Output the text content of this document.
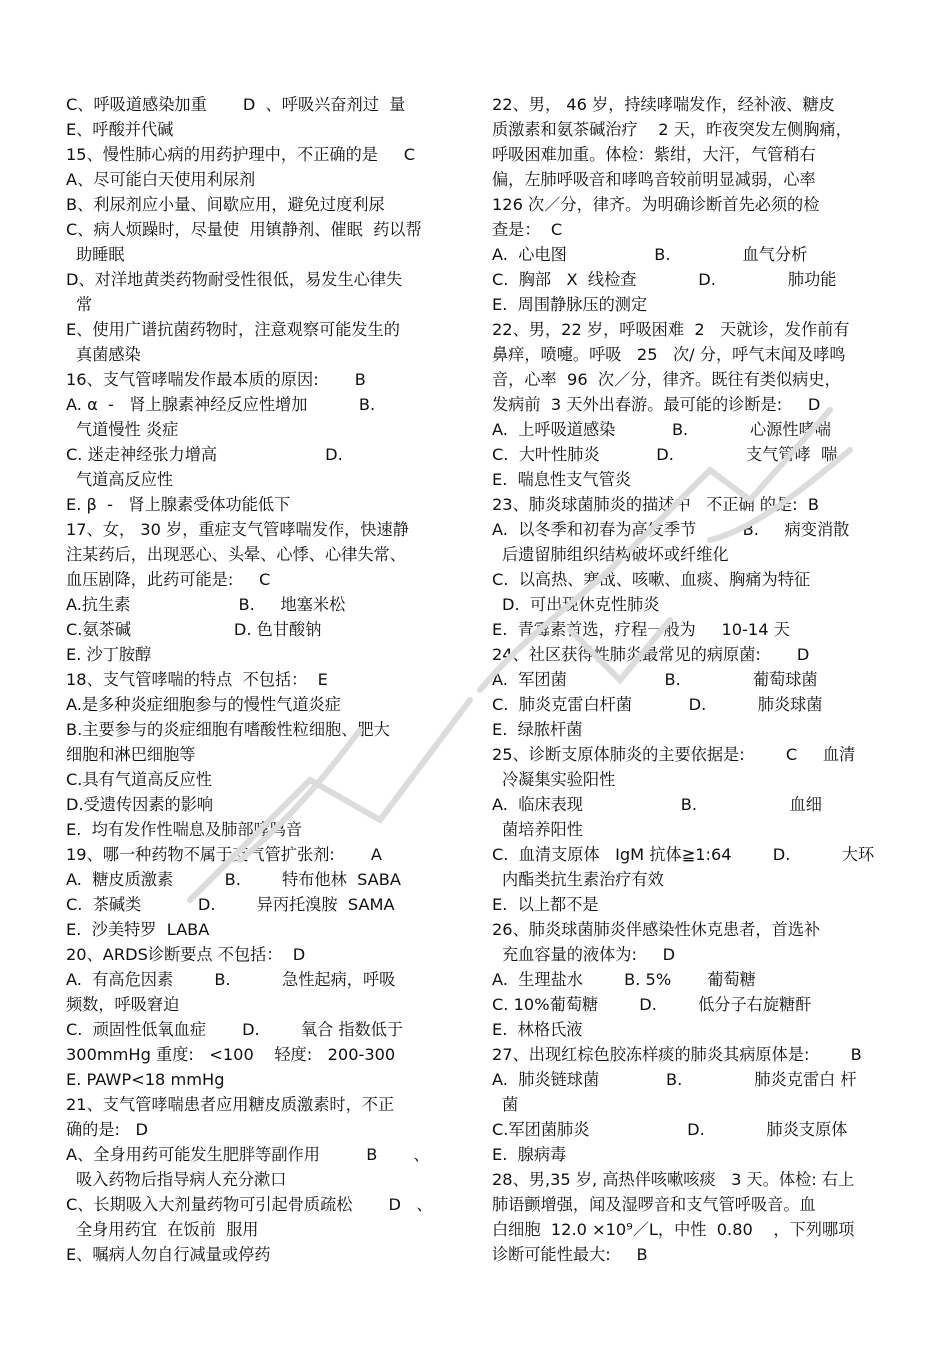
C、呼吸道感染加重       D  、呼吸兴奋剂过  量
E、呼酸并代碱
15、慢性肺心病的用药护理中，不正确的是     C
A、尽可能白天使用利尿剂
B、利尿剂应小量、间歇应用，避免过度利尿
C、病人烦躁时，尽量使  用镇静剂、催眠  药以帮
助睡眠
D、对洋地黄类药物耐受性很低，易发生心律失
常
E、使用广谱抗菌药物时，注意观察可能发生的
真菌感染
16、支气管哮喘发作最本质的原因:       B
A. α  -   肾上腺素神经反应性增加          B.
气道慢性 炎症
C. 迷走神经张力增高                     D.
气道高反应性
E. β  -   肾上腺素受体功能低下
17、女， 30 岁，重症支气管哮喘发作，快速静
注某药后，出现恶心、头晕、心悸、心律失常、
血压剧降，此药可能是:     C
A.抗生素                     B.     地塞米松
C.氨茶碱                    D. 色甘酸钠
E. 沙丁胺醇
18、支气管哮喘的特点  不包括：  E
A.是多种炎症细胞参与的慢性气道炎症
B.主要参与的炎症细胞有嗜酸性粒细胞、肥大
细胞和淋巴细胞等
C.具有气道高反应性
D.受遗传因素的影响
E.  均有发作性喘息及肺部哮鸣音
19、哪一种药物不属于支气管扩张剂:       A
A.  糖皮质激素          B.        特布他林  SABA
C.  茶碱类           D.        异丙托溴胺  SAMA
E.  沙美特罗  LABA
20、ARDS诊断要点 不包括：  D
A.  有高危因素        B.          急性起病，呼吸
频数，呼吸窘迫
C.  顽固性低氧血症       D.        氧合 指数低于
300mmHg 重度:   <100    轻度:   200-300
E. PAWP<18 mmHg
21、支气管哮喘患者应用糖皮质激素时，不正
确的是:   D
A、全身用药可能发生肥胖等副作用         B       、
吸入药物后指导病人充分漱口
C、长期吸入大剂量药物可引起骨质疏松       D   、
全身用药宜  在饭前  服用
E、嘱病人勿自行减量或停药
22、男， 46 岁，持续哮喘发作，经补液、糖皮
质激素和氨茶碱治疗    2 天，昨夜突发左侧胸痛，
呼吸困难加重。体检：紫绀，大汗，气管稍右
偏，左肺呼吸音和哮鸣音较前明显减弱，心率
126 次／分，律齐。为明确诊断首先必须的检
查是：  C
A.  心电图                 B.              血气分析
C.  胸部   X  线检查            D.              肺功能
E.  周围静脉压的测定
22、男，22 岁，呼吸困难  2   天就诊，发作前有
鼻痒，喷嚏。呼吸   25   次/ 分，呼气末闻及哮鸣
音，心率  96  次／分，律齐。既往有类似病史，
发病前  3 天外出春游。最可能的诊断是:     D
A.  上呼吸道感染           B.            心源性哮喘
C.  大叶性肺炎           D.              支气管哮  喘
E.  喘息性支气管炎
23、肺炎球菌肺炎的描述中   不正确 的是:  B
A.  以冬季和初春为高发季节         B.     病变消散
后遗留肺组织结构破坏或纤维化
C.  以高热、寒战、咳嗽、血痰、胸痛为特征
D.  可出现休克性肺炎
E.  青霉素首选，疗程一般为     10-14 天
24、社区获得性肺炎最常见的病原菌:       D
A.  军团菌                   B.              葡萄球菌
C.  肺炎克雷白杆菌           D.          肺炎球菌
E.  绿脓杆菌
25、诊断支原体肺炎的主要依据是:        C     血清
冷凝集实验阳性
A.  临床表现                   B.                  血细
菌培养阳性
C.  血清支原体   IgM 抗体≧1:64        D.          大环
内酯类抗生素治疗有效
E.  以上都不是
26、肺炎球菌肺炎伴感染性休克患者，首选补
充血容量的液体为:     D
A.  生理盐水        B. 5%       葡萄糖
C. 10%葡萄糖        D.        低分子右旋糖酐
E.  林格氏液
27、出现红棕色胶冻样痰的肺炎其病原体是:        B
A.  肺炎链球菌             B.              肺炎克雷白 杆
菌
C.军团菌肺炎                   D.            肺炎支原体
E.  腺病毒
28、男,35 岁, 高热伴咳嗽咳痰   3 天。体检: 右上
肺语颤增强，闻及湿啰音和支气管呼吸音。血
白细胞  12.0 ×10⁹／L，中性  0.80    ，下列哪项
诊断可能性最大:     B
